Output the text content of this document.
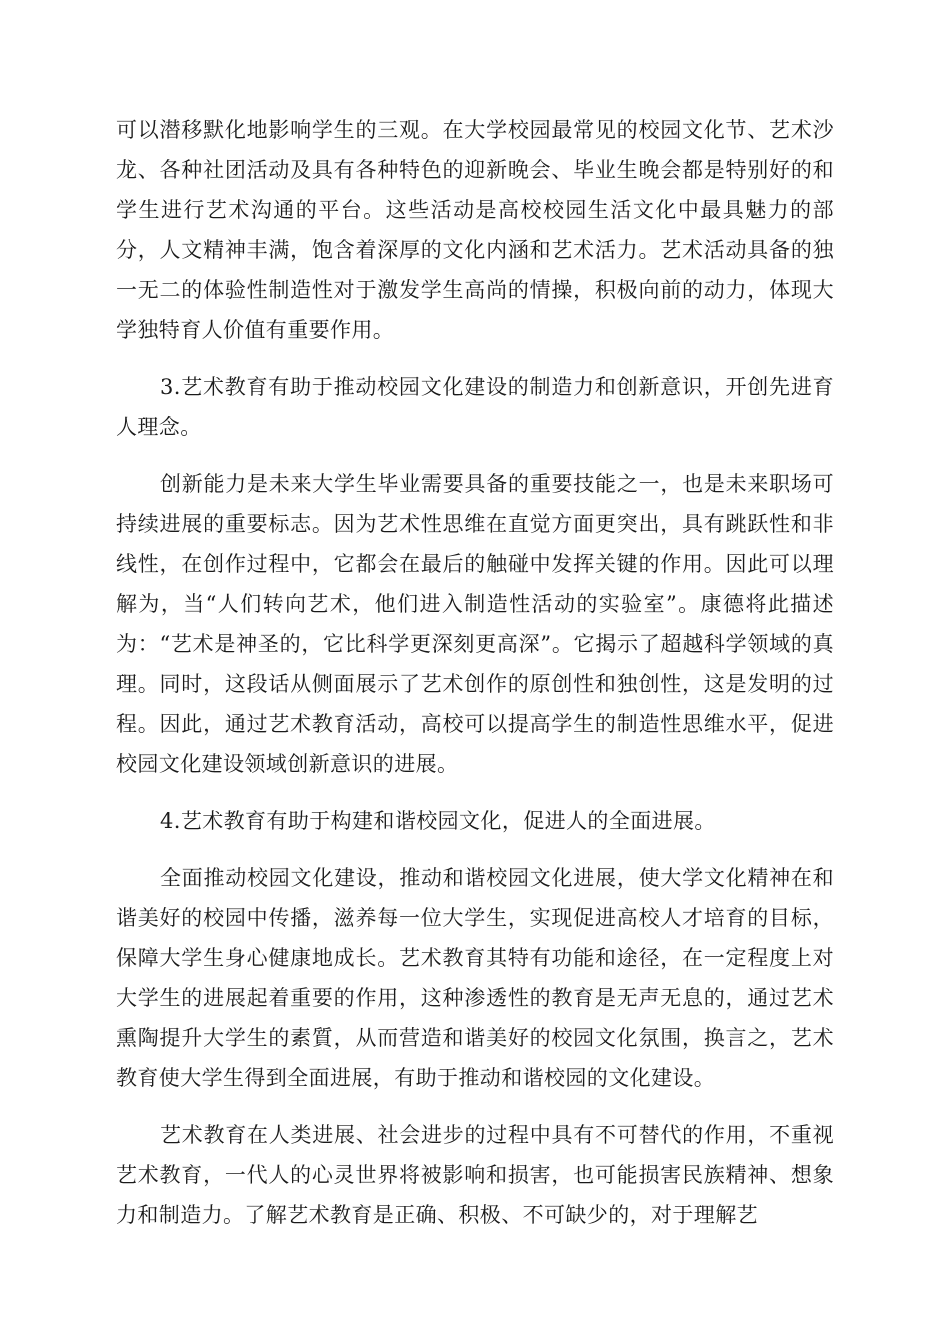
可以潜移默化地影响学生的三观。在大学校园最常见的校园文化节、艺术沙龙、各种社团活动及具有各种特色的迎新晚会、毕业生晚会都是特别好的和学生进行艺术沟通的平台。这些活动是高校校园生活文化中最具魅力的部分，人文精神丰满，饱含着深厚的文化内涵和艺术活力。艺术活动具备的独一无二的体验性制造性对于激发学生高尚的情操，积极向前的动力，体现大学独特育人价值有重要作用。

3.艺术教育有助于推动校园文化建设的制造力和创新意识，开创先进育人理念。

创新能力是未来大学生毕业需要具备的重要技能之一，也是未来职场可持续进展的重要标志。因为艺术性思维在直觉方面更突出，具有跳跃性和非线性，在创作过程中，它都会在最后的触碰中发挥关键的作用。因此可以理解为，当“人们转向艺术，他们进入制造性活动的实验室”。康德将此描述为：“艺术是神圣的，它比科学更深刻更高深”。它揭示了超越科学领域的真理。同时，这段话从侧面展示了艺术创作的原创性和独创性，这是发明的过程。因此，通过艺术教育活动，高校可以提高学生的制造性思维水平，促进校园文化建设领域创新意识的进展。

4.艺术教育有助于构建和谐校园文化，促进人的全面进展。

全面推动校园文化建设，推动和谐校园文化进展，使大学文化精神在和谐美好的校园中传播，滋养每一位大学生，实现促进高校人才培育的目标，保障大学生身心健康地成长。艺术教育其特有功能和途径，在一定程度上对大学生的进展起着重要的作用，这种渗透性的教育是无声无息的，通过艺术熏陶提升大学生的素質，从而营造和谐美好的校园文化氛围，换言之，艺术教育使大学生得到全面进展，有助于推动和谐校园的文化建设。

艺术教育在人类进展、社会进步的过程中具有不可替代的作用，不重视艺术教育，一代人的心灵世界将被影响和损害，也可能损害民族精神、想象力和制造力。了解艺术教育是正确、积极、不可缺少的，对于理解艺
